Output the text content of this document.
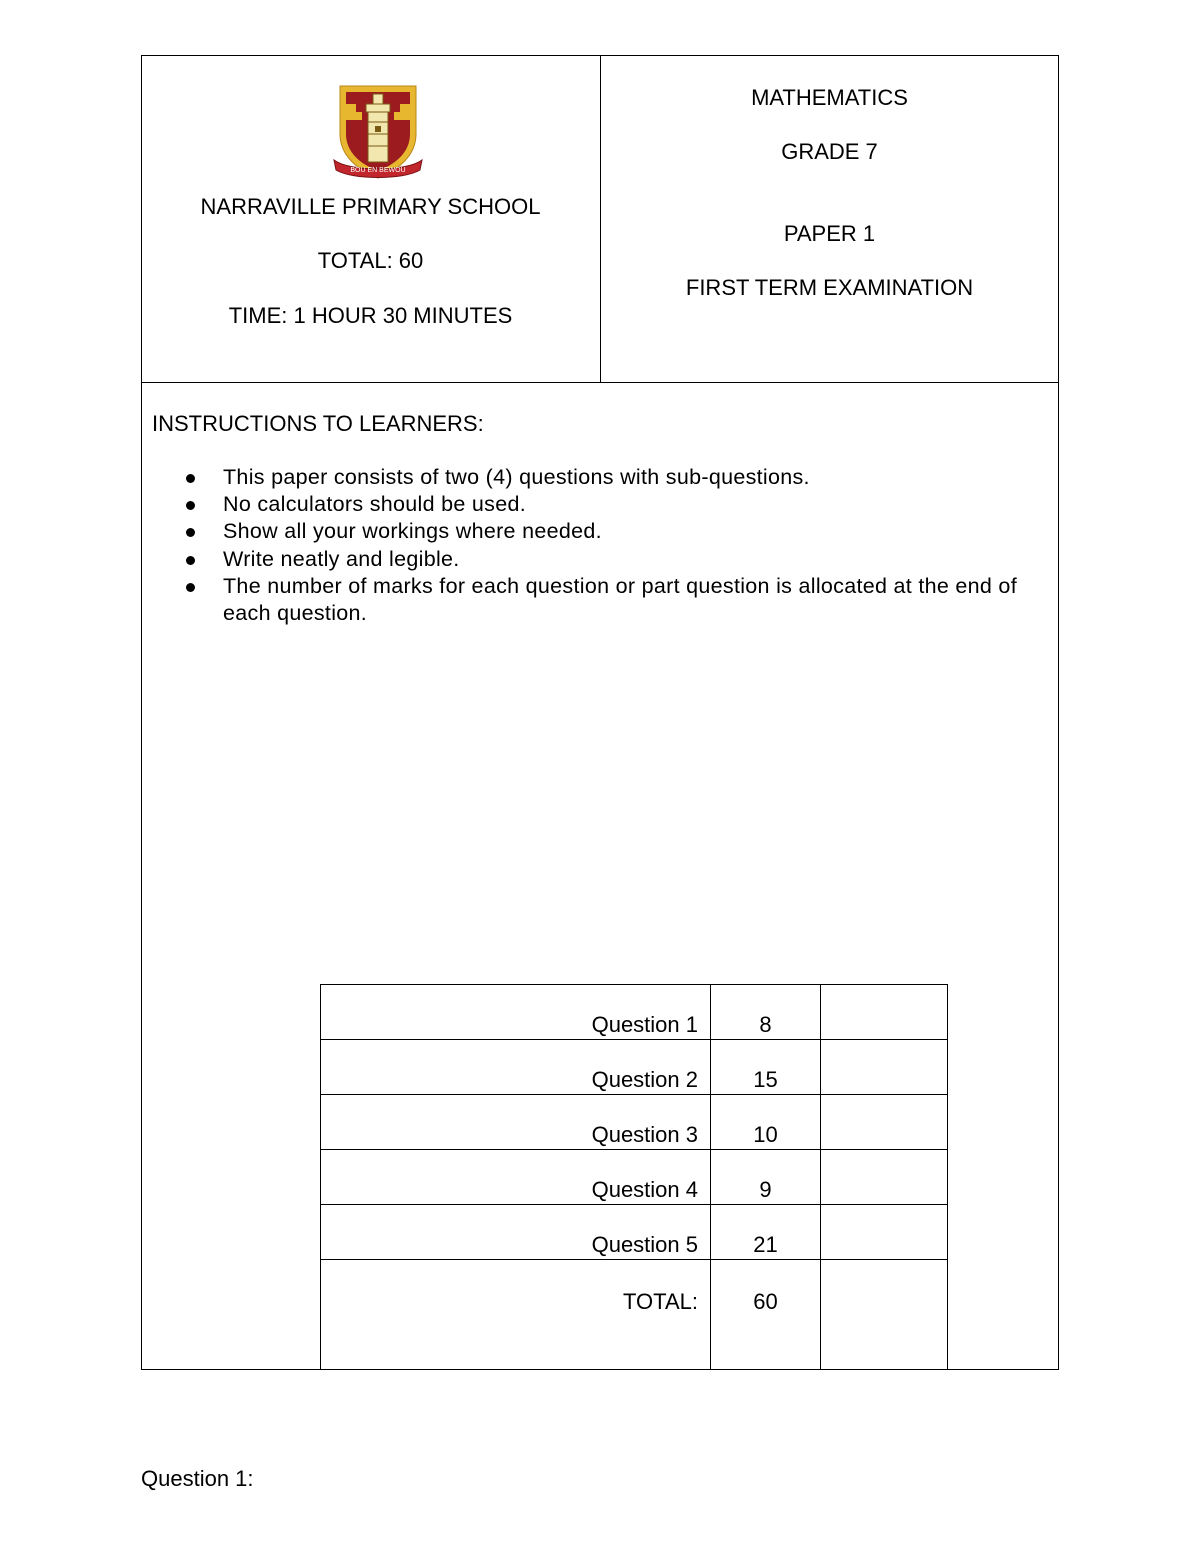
BOU EN BEWOU
NARRAVILLE PRIMARY SCHOOL
TOTAL: 60
TIME: 1 HOUR 30 MINUTES
MATHEMATICS
GRADE 7
PAPER 1
FIRST TERM EXAMINATION
INSTRUCTIONS TO LEARNERS:
This paper consists of two (4) questions with sub-questions.
No calculators should be used.
Show all your workings where needed.
Write neatly and legible.
The number of marks for each question or part question is allocated at the end of each question.
Question 1	8	
Question 2	15	
Question 3	10	
Question 4	9	
Question 5	21	
TOTAL:	60	
Question 1:
